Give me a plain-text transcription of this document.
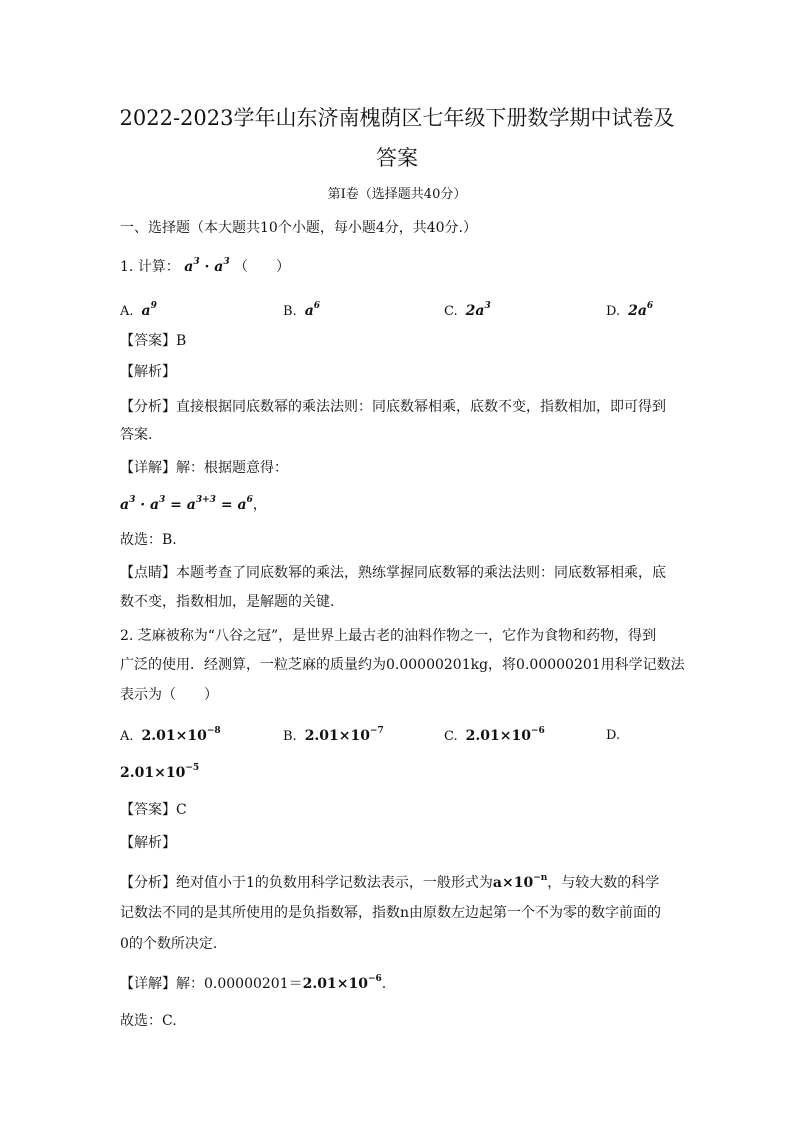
2022-2023学年山东济南槐荫区七年级下册数学期中试卷及
答案
第I卷（选择题共40分）
一、选择题（本大题共10个小题，每小题4分，共40分.）
1. 计算： $a^3 \cdot a^3$ （　　）
A. $a^9$	B. $a^6$	C. $2a^3$	D. $2a^6$
【答案】B
【解析】
【分析】直接根据同底数幂的乘法法则：同底数幂相乘，底数不变，指数相加，即可得到
答案.
【详解】解：根据题意得：
$a^3 \cdot a^3 = a^{3+3} = a^6$，
故选：B.
【点睛】本题考查了同底数幂的乘法，熟练掌握同底数幂的乘法法则：同底数幂相乘，底
数不变，指数相加，是解题的关键.
2. 芝麻被称为“八谷之冠”，是世界上最古老的油料作物之一，它作为食物和药物，得到
广泛的使用．经测算，一粒芝麻的质量约为0.00000201kg，将0.00000201用科学记数法
表示为（　　）
A. $2.01\times 10^{-8}$	B. $2.01\times 10^{-7}$	C. $2.01\times 10^{-6}$	D.
$2.01\times 10^{-5}$
【答案】C
【解析】
【分析】绝对值小于1的负数用科学记数法表示，一般形式为$a\times 10^{-n}$，与较大数的科学
记数法不同的是其所使用的是负指数幂，指数n由原数左边起第一个不为零的数字前面的
0的个数所决定.
【详解】解：$0.00000201=2.01\times 10^{-6}$.
故选：C.
